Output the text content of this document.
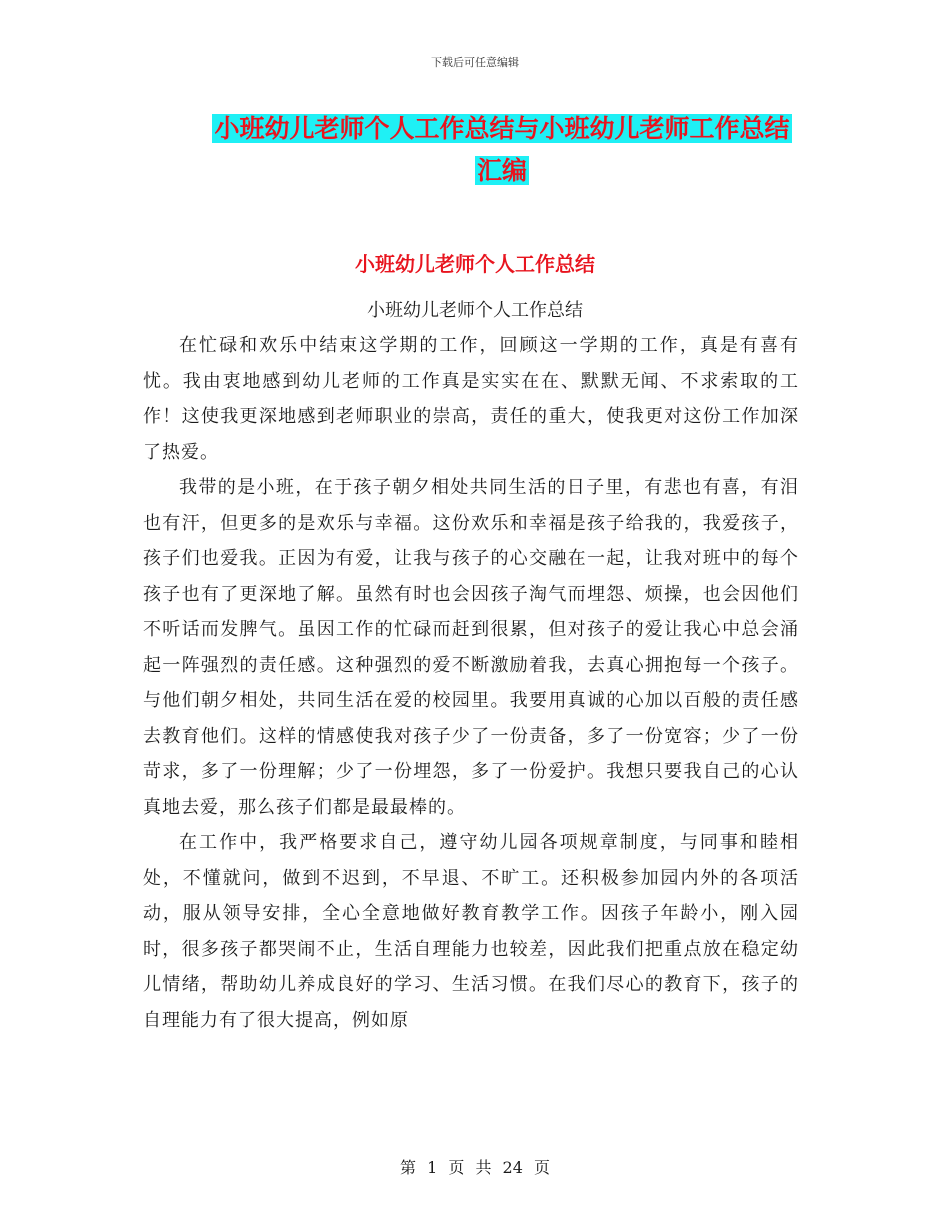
下载后可任意编辑
小班幼儿老师个人工作总结与小班幼儿老师工作总结
汇编
小班幼儿老师个人工作总结
小班幼儿老师个人工作总结

在忙碌和欢乐中结束这学期的工作，回顾这一学期的工作，真是有喜有忧。我由衷地感到幼儿老师的工作真是实实在在、默默无闻、不求索取的工作！这使我更深地感到老师职业的崇高，责任的重大，使我更对这份工作加深了热爱。

我带的是小班，在于孩子朝夕相处共同生活的日子里，有悲也有喜，有泪也有汗，但更多的是欢乐与幸福。这份欢乐和幸福是孩子给我的，我爱孩子，孩子们也爱我。正因为有爱，让我与孩子的心交融在一起，让我对班中的每个孩子也有了更深地了解。虽然有时也会因孩子淘气而埋怨、烦操，也会因他们不听话而发脾气。虽因工作的忙碌而赶到很累，但对孩子的爱让我心中总会涌起一阵强烈的责任感。这种强烈的爱不断激励着我，去真心拥抱每一个孩子。与他们朝夕相处，共同生活在爱的校园里。我要用真诚的心加以百般的责任感去教育他们。这样的情感使我对孩子少了一份责备，多了一份宽容；少了一份苛求，多了一份理解；少了一份埋怨，多了一份爱护。我想只要我自己的心认真地去爱，那么孩子们都是最最棒的。

在工作中，我严格要求自己，遵守幼儿园各项规章制度，与同事和睦相处，不懂就问，做到不迟到，不早退、不旷工。还积极参加园内外的各项活动，服从领导安排，全心全意地做好教育教学工作。因孩子年龄小，刚入园时，很多孩子都哭闹不止，生活自理能力也较差，因此我们把重点放在稳定幼儿情绪，帮助幼儿养成良好的学习、生活习惯。在我们尽心的教育下，孩子的自理能力有了很大提高，例如原

第 1 页 共 24 页
